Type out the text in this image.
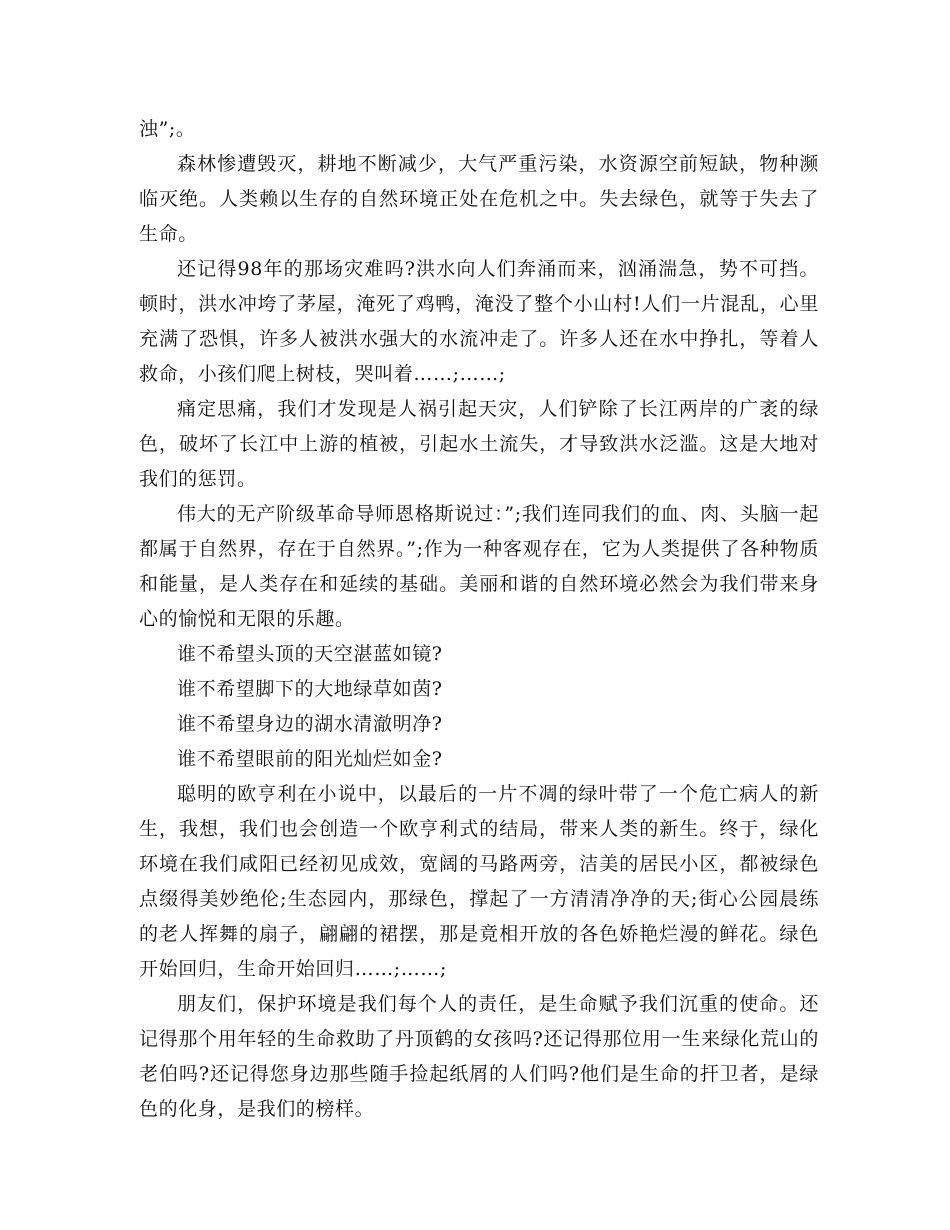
浊”;。

森林惨遭毁灭，耕地不断减少，大气严重污染，水资源空前短缺，物种濒临灭绝。人类赖以生存的自然环境正处在危机之中。失去绿色，就等于失去了生命。

还记得98年的那场灾难吗?洪水向人们奔涌而来，汹涌湍急，势不可挡。顿时，洪水冲垮了茅屋，淹死了鸡鸭，淹没了整个小山村!人们一片混乱，心里充满了恐惧，许多人被洪水强大的水流冲走了。许多人还在水中挣扎，等着人救命，小孩们爬上树枝，哭叫着……;……;

痛定思痛，我们才发现是人祸引起天灾，人们铲除了长江两岸的广袤的绿色，破坏了长江中上游的植被，引起水土流失，才导致洪水泛滥。这是大地对我们的惩罚。

伟大的无产阶级革命导师恩格斯说过：”;我们连同我们的血、肉、头脑一起都属于自然界，存在于自然界。”;作为一种客观存在，它为人类提供了各种物质和能量，是人类存在和延续的基础。美丽和谐的自然环境必然会为我们带来身心的愉悦和无限的乐趣。

谁不希望头顶的天空湛蓝如镜?

谁不希望脚下的大地绿草如茵?

谁不希望身边的湖水清澈明净?

谁不希望眼前的阳光灿烂如金?

聪明的欧亨利在小说中，以最后的一片不凋的绿叶带了一个危亡病人的新生，我想，我们也会创造一个欧亨利式的结局，带来人类的新生。终于，绿化环境在我们咸阳已经初见成效，宽阔的马路两旁，洁美的居民小区，都被绿色点缀得美妙绝伦;生态园内，那绿色，撑起了一方清清净净的天;街心公园晨练的老人挥舞的扇子，翩翩的裙摆，那是竟相开放的各色娇艳烂漫的鲜花。绿色开始回归，生命开始回归……;……;

朋友们，保护环境是我们每个人的责任，是生命赋予我们沉重的使命。还记得那个用年轻的生命救助了丹顶鹤的女孩吗?还记得那位用一生来绿化荒山的老伯吗?还记得您身边那些随手捡起纸屑的人们吗?他们是生命的扞卫者，是绿色的化身，是我们的榜样。
